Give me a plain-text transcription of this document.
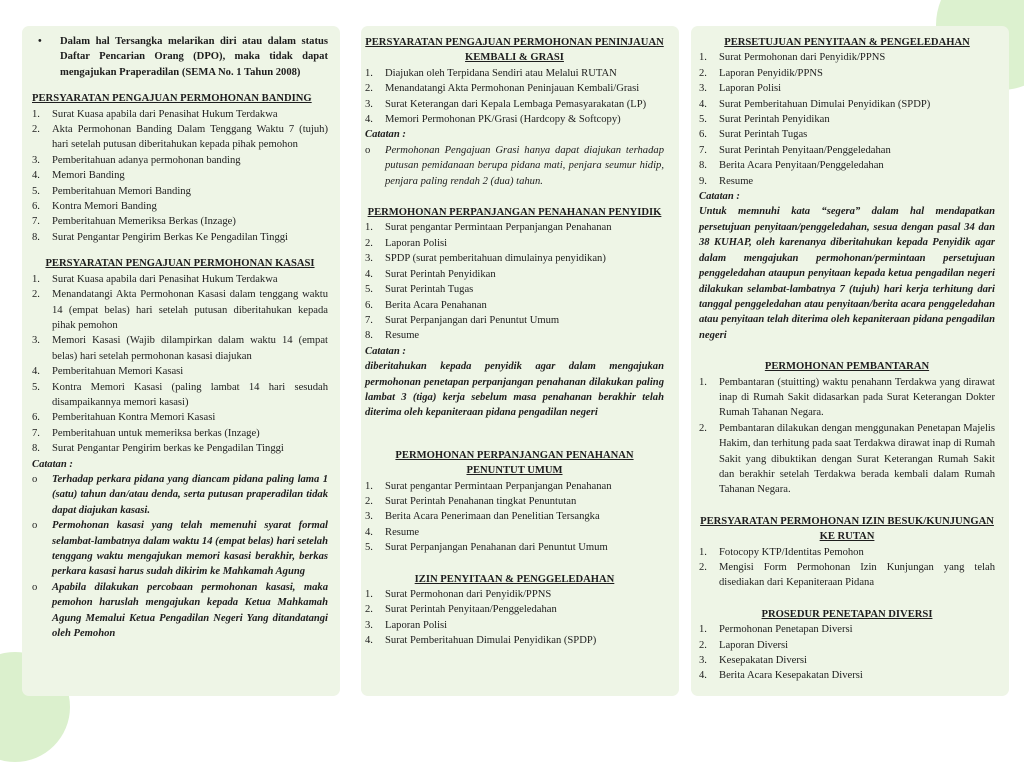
•	Dalam hal Tersangka melarikan diri atau dalam status Daftar Pencarian Orang (DPO), maka tidak dapat mengajukan Praperadilan (SEMA No. 1 Tahun 2008)

PERSYARATAN PENGAJUAN PERMOHONAN BANDING

1.	Surat Kuasa apabila dari Penasihat Hukum Terdakwa
2.	Akta Permohonan Banding Dalam Tenggang Waktu 7 (tujuh) hari setelah putusan diberitahukan kepada pihak pemohon
3.	Pemberitahuan adanya permohonan banding
4.	Memori Banding
5.	Pemberitahuan Memori Banding
6.	Kontra Memori Banding
7.	Pemberitahuan Memeriksa Berkas (Inzage)
8.	Surat Pengantar Pengirim Berkas Ke Pengadilan Tinggi

PERSYARATAN PENGAJUAN PERMOHONAN KASASI

1.	Surat Kuasa apabila dari Penasihat Hukum Terdakwa
2.	Menandatangi Akta Permohonan Kasasi dalam tenggang waktu 14 (empat belas) hari setelah putusan diberitahukan kepada pihak pemohon
3.	Memori Kasasi (Wajib dilampirkan dalam waktu 14 (empat belas) hari setelah permohonan kasasi diajukan
4.	Pemberitahuan Memori Kasasi
5.	Kontra Memori Kasasi (paling lambat 14 hari sesudah disampaikannya memori kasasi)
6.	Pemberitahuan Kontra Memori Kasasi
7.	Pemberitahuan untuk memeriksa berkas (Inzage)
8.	Surat Pengantar Pengirim berkas ke Pengadilan Tinggi

Catatan :

o	Terhadap perkara pidana yang diancam pidana paling lama 1 (satu) tahun dan/atau denda, serta putusan praperadilan tidak dapat diajukan kasasi.
o	Permohonan kasasi yang telah memenuhi syarat formal selambat-lambatnya dalam waktu 14 (empat belas) hari setelah tenggang waktu mengajukan memori kasasi berakhir, berkas perkara kasasi harus sudah dikirim ke Mahkamah Agung
o	Apabila dilakukan percobaan permohonan kasasi, maka pemohon haruslah mengajukan kepada Ketua Mahkamah Agung Memalui Ketua Pengadilan Negeri Yang ditandatangi oleh Pemohon

PERSYARATAN PENGAJUAN PERMOHONAN PENINJAUAN KEMBALI & GRASI

1.	Diajukan oleh Terpidana Sendiri atau Melalui RUTAN
2.	Menandatangi Akta Permohonan Peninjauan Kembali/Grasi
3.	Surat Keterangan dari Kepala Lembaga Pemasyarakatan (LP)
4.	Memori Permohonan PK/Grasi (Hardcopy & Softcopy)

Catatan :

o	Permohonan Pengajuan Grasi hanya dapat diajukan terhadap putusan pemidanaan berupa pidana mati, penjara seumur hidip, penjara paling rendah 2 (dua) tahun.

PERMOHONAN PERPANJANGAN PENAHANAN PENYIDIK

1.	Surat pengantar Permintaan Perpanjangan Penahanan
2.	Laporan Polisi
3.	SPDP (surat pemberitahuan dimulainya penyidikan)
4.	Surat Perintah Penyidikan
5.	Surat Perintah Tugas
6.	Berita Acara Penahanan
7.	Surat Perpanjangan dari Penuntut Umum
8.	Resume

Catatan :

diberitahukan kepada penyidik agar dalam mengajukan permohonan penetapan perpanjangan penahanan dilakukan paling lambat 3 (tiga) kerja sebelum masa penahanan berakhir telah diterima oleh kepaniteraan pidana pengadilan negeri

PERMOHONAN PERPANJANGAN PENAHANAN PENUNTUT UMUM

1.	Surat pengantar Permintaan Perpanjangan Penahanan
2.	Surat Perintah Penahanan tingkat Penuntutan
3.	Berita Acara Penerimaan dan Penelitian Tersangka
4.	Resume
5.	Surat Perpanjangan Penahanan dari Penuntut Umum

IZIN PENYITAAN & PENGGELEDAHAN

1.	Surat Permohonan dari Penyidik/PPNS
2.	Surat Perintah Penyitaan/Penggeledahan
3.	Laporan Polisi
4.	Surat Pemberitahuan Dimulai Penyidikan (SPDP)

PERSETUJUAN PENYITAAN & PENGELEDAHAN

1.	Surat Permohonan dari Penyidik/PPNS
2.	Laporan Penyidik/PPNS
3.	Laporan Polisi
4.	Surat Pemberitahuan Dimulai Penyidikan (SPDP)
5.	Surat Perintah Penyidikan
6.	Surat Perintah Tugas
7.	Surat Perintah Penyitaan/Penggeledahan
8.	Berita Acara Penyitaan/Penggeledahan
9.	Resume

Catatan :

Untuk memnuhi kata “segera” dalam hal mendapatkan persetujuan penyitaan/penggeledahan, sesua dengan pasal 34 dan 38 KUHAP, oleh karenanya diberitahukan kepada Penyidik agar dalam mengajukan permohonan/permintaan persetujuan penggeledahan ataupun penyitaan kepada ketua pengadilan negeri dilakukan selambat-lambatnya 7 (tujuh) hari kerja terhitung dari tanggal penggeledahan atau penyitaan/berita acara penggeledahan atau penyitaan telah diterima oleh kepaniteraan pidana pengadilan negeri

PERMOHONAN PEMBANTARAN

1.	Pembantaran (stuitting) waktu penahann Terdakwa yang dirawat inap di Rumah Sakit didasarkan pada Surat Keterangan Dokter Rumah Tahanan Negara.
2.	Pembantaran dilakukan dengan menggunakan Penetapan Majelis Hakim, dan terhitung pada saat Terdakwa dirawat inap di Rumah Sakit yang dibuktikan dengan Surat Keterangan Rumah Sakit dan berakhir setelah Terdakwa berada kembali dalam Rumah Tahanan Negara.

PERSYARATAN PERMOHONAN IZIN BESUK/KUNJUNGAN KE RUTAN

1.	Fotocopy KTP/Identitas Pemohon
2.	Mengisi Form Permohonan Izin Kunjungan yang telah disediakan dari Kepaniteraan Pidana

PROSEDUR PENETAPAN DIVERSI

1.	Permohonan Penetapan Diversi
2.	Laporan Diversi
3.	Kesepakatan Diversi
4.	Berita Acara Kesepakatan Diversi
